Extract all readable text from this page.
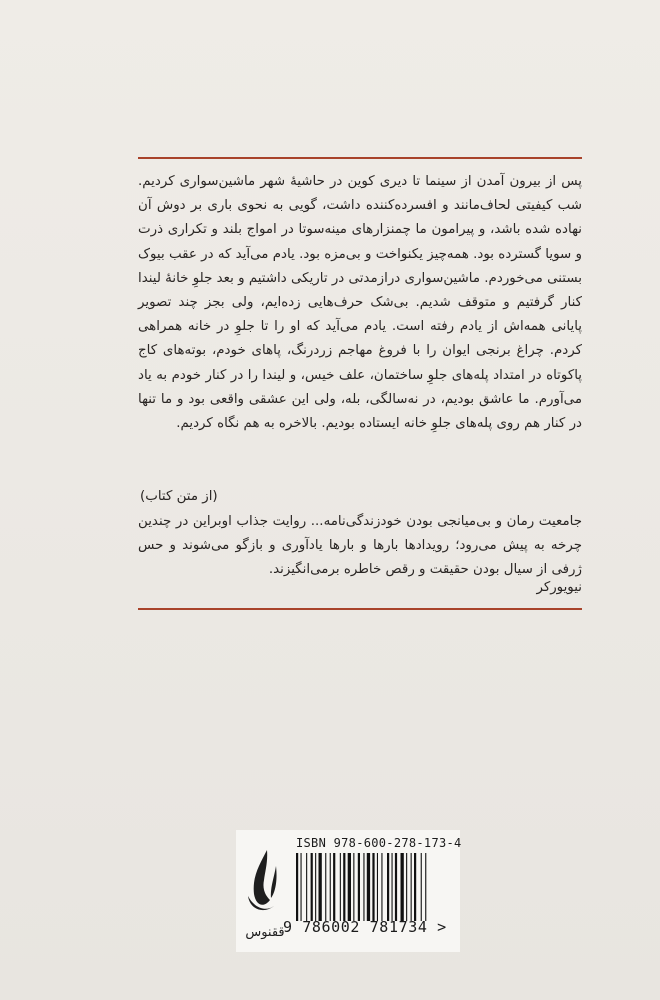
پس از بیرون آمدن از سینما تا دیری کوین در حاشیهٔ شهر ماشین‌سواری کردیم. شب کیفیتی لحاف‌مانند و افسرده‌کننده داشت، گویی به نحوی باری بر دوش آن نهاده شده باشد، و پیرامون ما چمنزارهای مینه‌سوتا در امواج بلند و تکراری ذرت و سویا گسترده بود. همه‌چیز یکنواخت و بی‌مزه بود. یادم می‌آید که در عقب بیوک بستنی می‌خوردم. ماشین‌سواری درازمدتی در تاریکی داشتیم و بعد جلوِ خانهٔ لیندا کنار گرفتیم و متوقف شدیم. بی‌شک حرف‌هایی زده‌ایم، ولی بجز چند تصویر پایانی همه‌اش از یادم رفته است. یادم می‌آید که او را تا جلوِ در خانه همراهی کردم. چراغ برنجی ایوان را با فروغ مهاجم زردرنگ، پاهای خودم، بوته‌های کاج پاکوتاه در امتداد پله‌های جلوِ ساختمان، علف خیس، و لیندا را در کنار خودم به یاد می‌آورم. ما عاشق بودیم، در نه‌سالگی، بله، ولی این عشقی واقعی بود و ما تنها در کنار هم روی پله‌های جلوِ خانه ایستاده بودیم. بالاخره به هم نگاه کردیم.

(از متن کتاب)

جامعیت رمان و بی‌میانجی بودن خودزندگی‌نامه... روایت جذاب اوبراین در چندین چرخه به پیش می‌رود؛ رویدادها بارها و بارها یادآوری و بازگو می‌شوند و حس ژرفی از سیال بودن حقیقت و رقص خاطره برمی‌انگیزند.

نیویورکر
ققنوس
ISBN 978-600-278-173-4
9 786002 781734 >
